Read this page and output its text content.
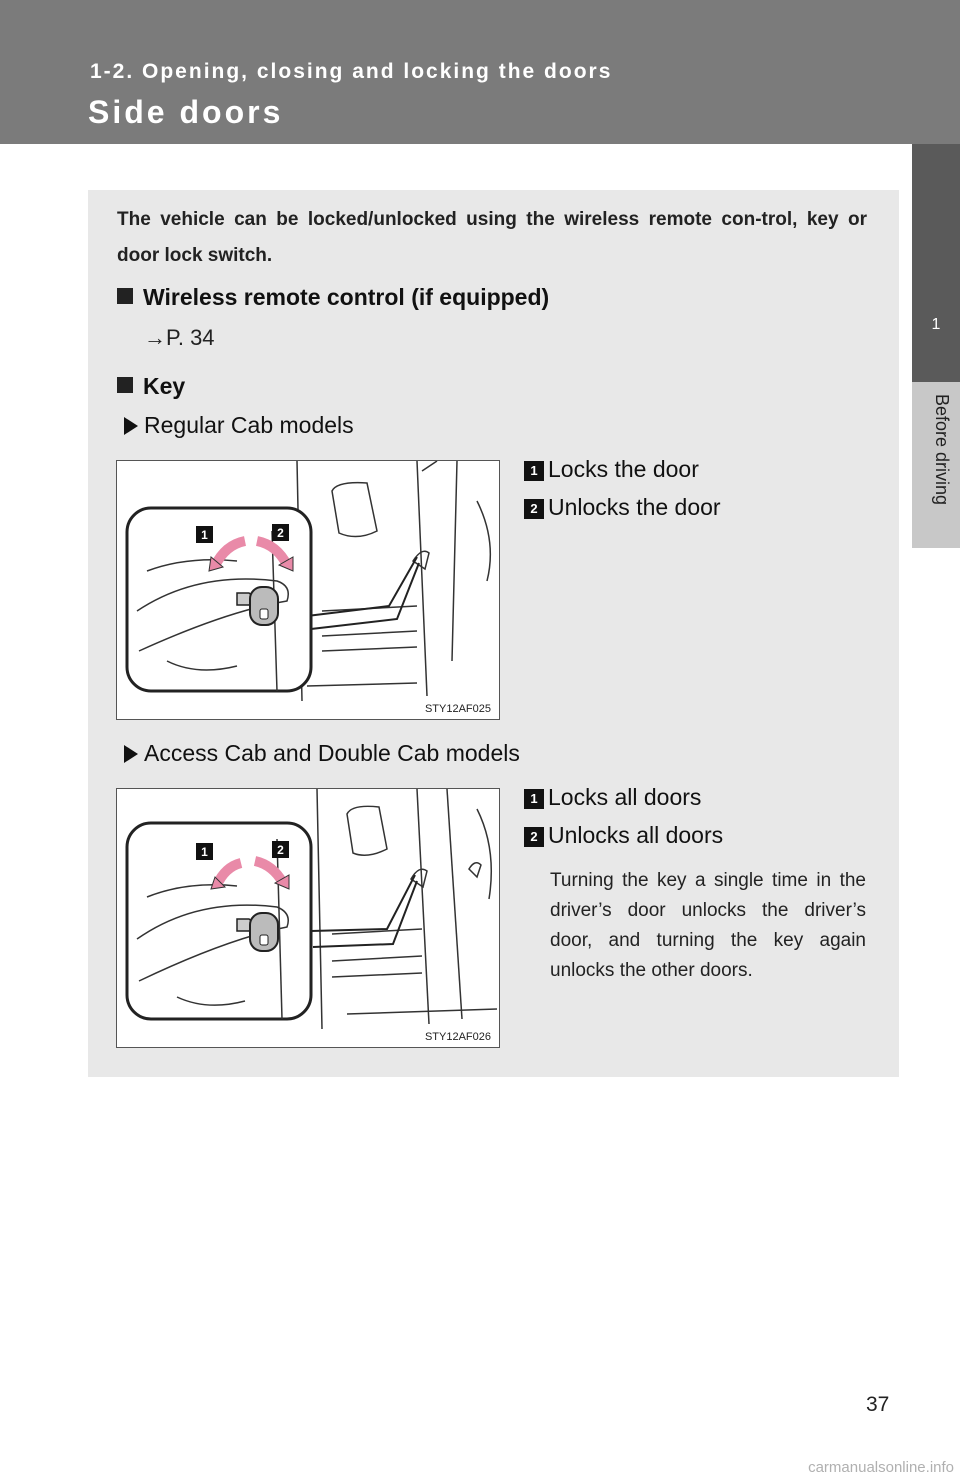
1-2. Opening, closing and locking the doors
Side doors
1
Before driving
The vehicle can be locked/unlocked using the wireless remote con-trol, key or door lock switch.
Wireless remote control (if equipped)
→P. 34
Key
Regular Cab models
1	2
STY12AF025
1 Locks the door
2 Unlocks the door
Access Cab and Double Cab models
1	2
STY12AF026
1 Locks all doors
2 Unlocks all doors
Turning the key a single time in the driver’s door unlocks the driver’s door, and turning the key again unlocks the other doors.
37
carmanualsonline.info
